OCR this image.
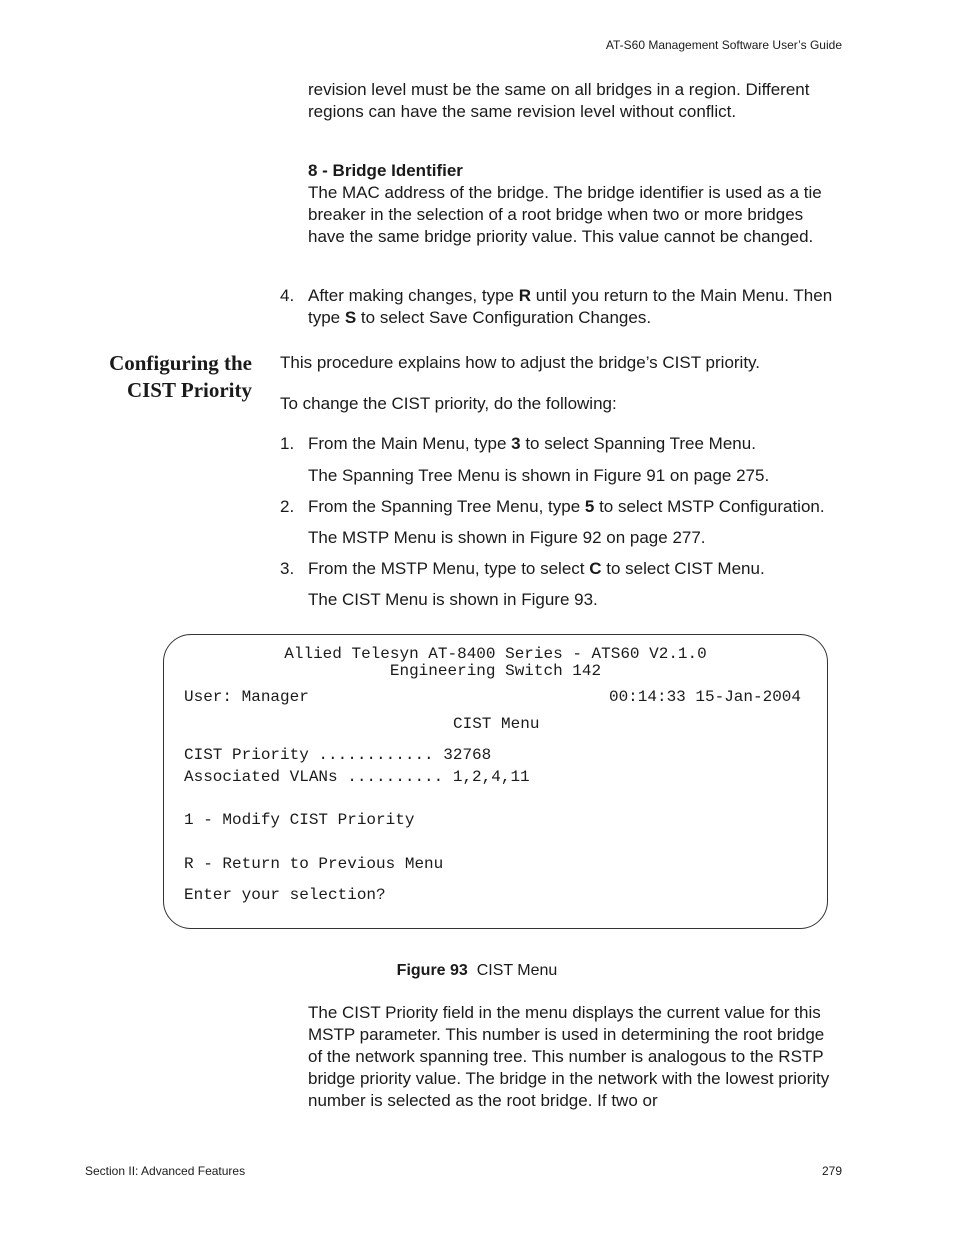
AT-S60 Management Software User’s Guide
revision level must be the same on all bridges in a region. Different regions can have the same revision level without conflict.
8 - Bridge Identifier
The MAC address of the bridge. The bridge identifier is used as a tie breaker in the selection of a root bridge when two or more bridges have the same bridge priority value. This value cannot be changed.
4. After making changes, type R until you return to the Main Menu. Then type S to select Save Configuration Changes.
Configuring the
CIST Priority
This procedure explains how to adjust the bridge’s CIST priority.
To change the CIST priority, do the following:
1. From the Main Menu, type 3 to select Spanning Tree Menu.
The Spanning Tree Menu is shown in Figure 91 on page 275.
2. From the Spanning Tree Menu, type 5 to select MSTP Configuration.
The MSTP Menu is shown in Figure 92 on page 277.
3. From the MSTP Menu, type to select C to select CIST Menu.
The CIST Menu is shown in Figure 93.
Allied Telesyn AT-8400 Series - ATS60 V2.1.0
Engineering Switch 142
User: Manager	00:14:33 15-Jan-2004
CIST Menu
CIST Priority ............ 32768
Associated VLANs .......... 1,2,4,11
1 - Modify CIST Priority
R - Return to Previous Menu
Enter your selection?
Figure 93 CIST Menu
The CIST Priority field in the menu displays the current value for this MSTP parameter. This number is used in determining the root bridge of the network spanning tree. This number is analogous to the RSTP bridge priority value. The bridge in the network with the lowest priority number is selected as the root bridge. If two or
Section II: Advanced Features	279
